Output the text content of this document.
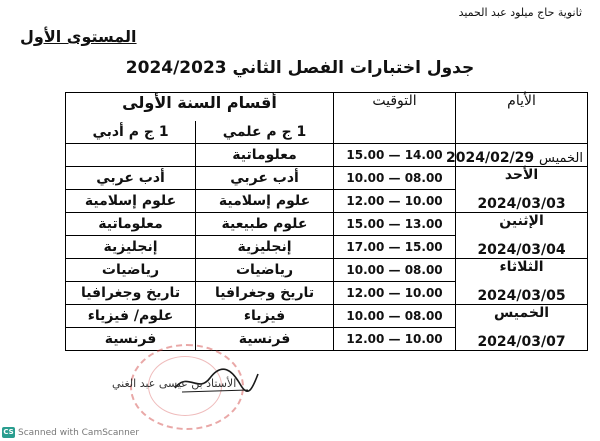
ثانوية حاج ميلود عبد الحميد
المستوى الأول
جدول اختبارات الفصل الثاني 2024/2023
الأيام	التوقيت	أقسام السنة الأولى	
		1 ج م علمي	1 ج م أدبي
الخميس 2024/02/29	15.00 — 14.00	معلوماتية	
الأحد	10.00 — 08.00	أدب عربي	أدب عربي
2024/03/03	12.00 — 10.00	علوم إسلامية	علوم إسلامية
الإثنين	15.00 — 13.00	علوم طبيعية	معلوماتية
2024/03/04	17.00 — 15.00	إنجليزية	إنجليزية
الثلاثاء	10.00 — 08.00	رياضيات	رياضيات
2024/03/05	12.00 — 10.00	تاريخ وجغرافيا	تاريخ وجغرافيا
الخميس	10.00 — 08.00	فيزياء	علوم/ فيزياء
2024/03/07	12.00 — 10.00	فرنسية	فرنسية
الأستاذ بن عيسى عبد الغني
CS Scanned with CamScanner
